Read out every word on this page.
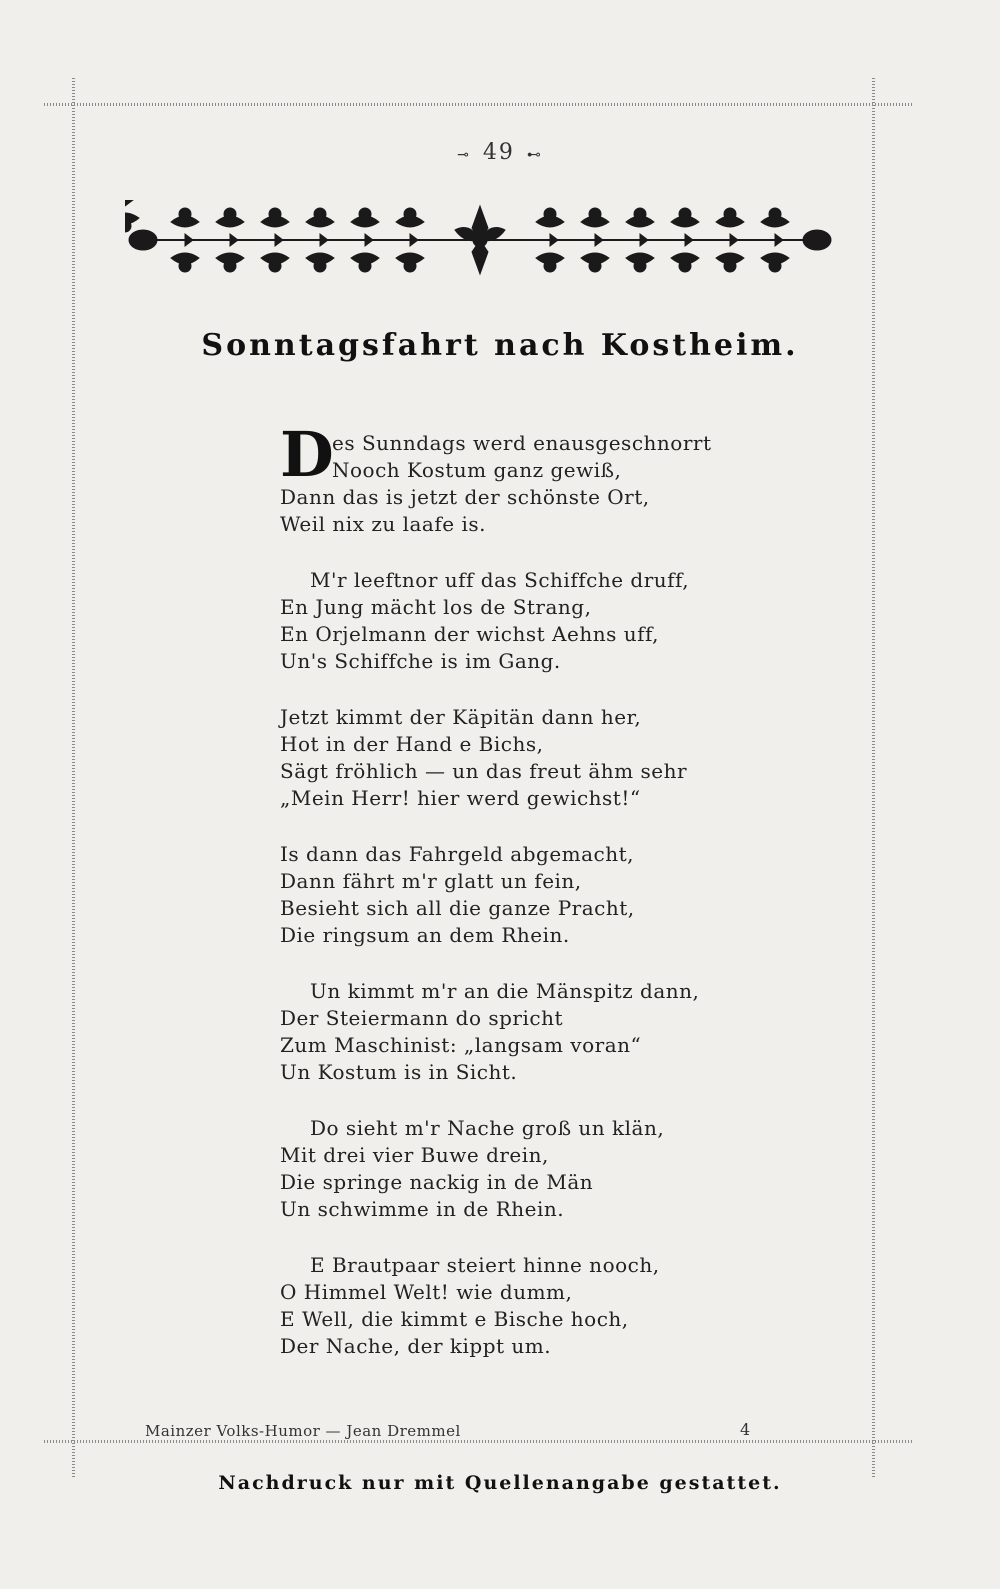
⊸ 49 ⊷
Sonntagsfahrt nach Kostheim.
D
es Sunndags werd enausgeschnorrt
Nooch Kostum ganz gewiß,
Dann das is jetzt der schönste Ort,
Weil nix zu laafe is.
M'r leeftnor uff das Schiffche druff,
En Jung mächt los de Strang,
En Orjelmann der wichst Aehns uff,
Un's Schiffche is im Gang.
Jetzt kimmt der Käpitän dann her,
Hot in der Hand e Bichs,
Sägt fröhlich — un das freut ähm sehr
„Mein Herr! hier werd gewichst!“
Is dann das Fahrgeld abgemacht,
Dann fährt m'r glatt un fein,
Besieht sich all die ganze Pracht,
Die ringsum an dem Rhein.
Un kimmt m'r an die Mänspitz dann,
Der Steiermann do spricht
Zum Maschinist: „langsam voran“
Un Kostum is in Sicht.
Do sieht m'r Nache groß un klän,
Mit drei vier Buwe drein,
Die springe nackig in de Män
Un schwimme in de Rhein.
E Brautpaar steiert hinne nooch,
O Himmel Welt! wie dumm,
E Well, die kimmt e Bische hoch,
Der Nache, der kippt um.
Mainzer Volks-Humor — Jean Dremmel	4
Nachdruck nur mit Quellenangabe gestattet.
